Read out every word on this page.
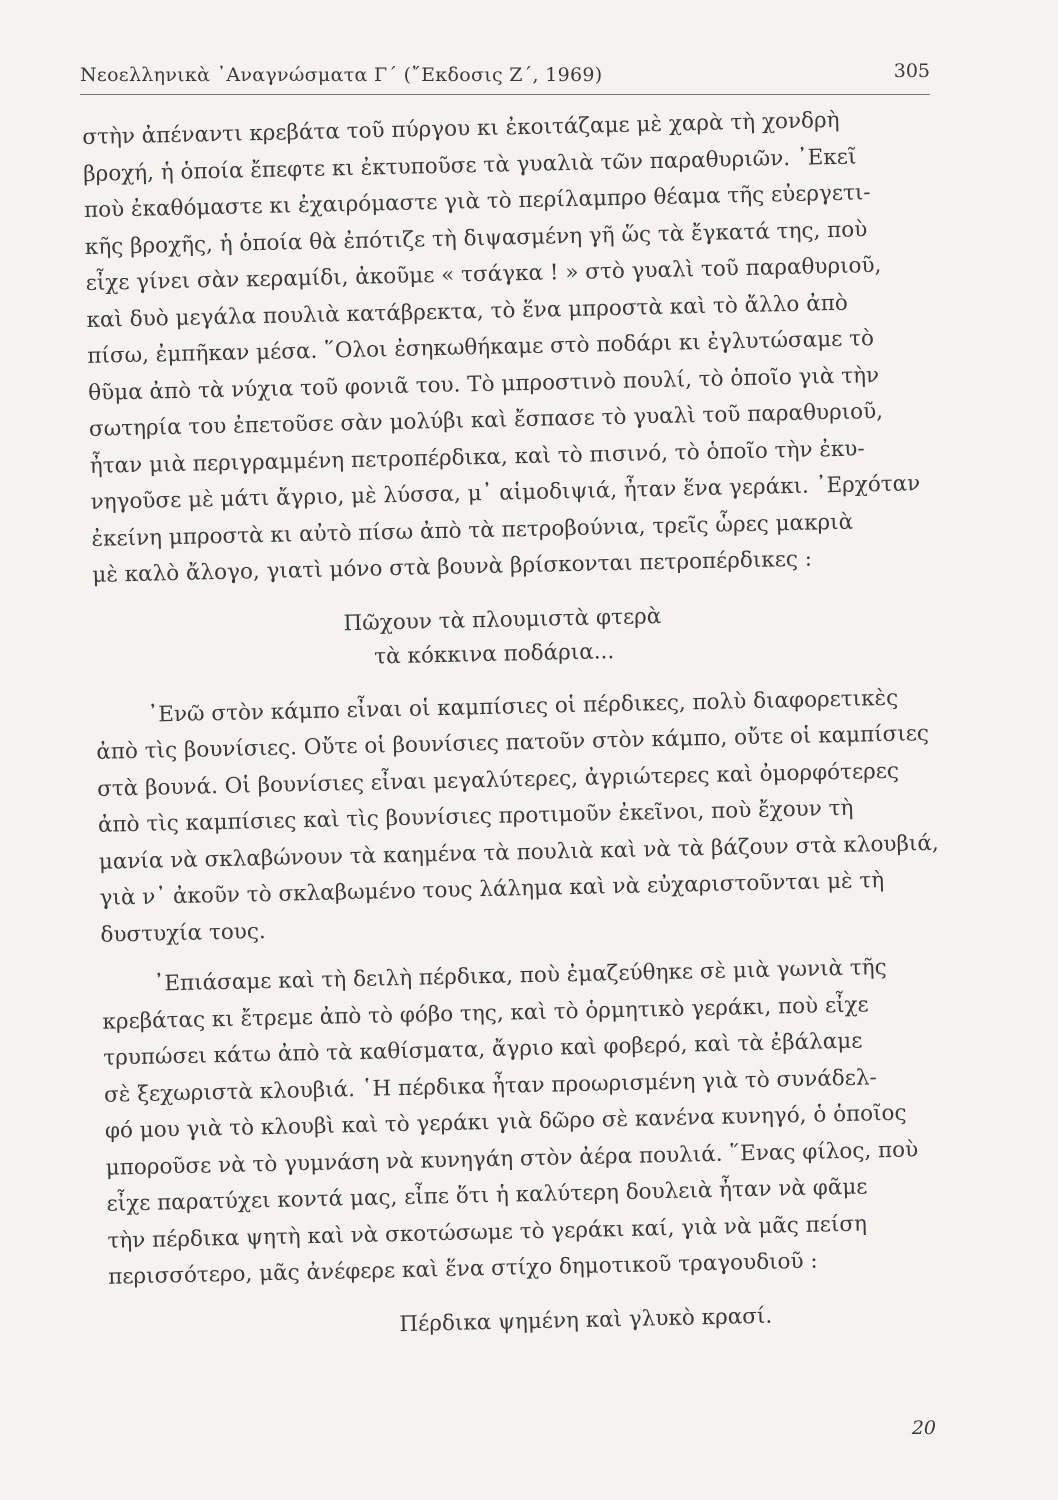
Νεοελληνικὰ ᾿Αναγνώσματα Γ΄ (῎Εκδοσις Ζ΄, 1969)	305

στὴν ἀπέναντι κρεβάτα τοῦ πύργου κι ἐκοιτάζαμε μὲ χαρὰ τὴ χονδρὴ
βροχή, ἡ ὁποία ἔπεφτε κι ἐκτυποῦσε τὰ γυαλιὰ τῶν παραθυριῶν. ᾿Εκεῖ
ποὺ ἐκαθόμαστε κι ἐχαιρόμαστε γιὰ τὸ περίλαμπρο θέαμα τῆς εὐεργετι-
κῆς βροχῆς, ἡ ὁποία θὰ ἐπότιζε τὴ διψασμένη γῆ ὥς τὰ ἔγκατά της, ποὺ
εἶχε γίνει σὰν κεραμίδι, ἀκοῦμε « τσάγκα ! » στὸ γυαλὶ τοῦ παραθυριοῦ,
καὶ δυὸ μεγάλα πουλιὰ κατάβρεκτα, τὸ ἕνα μπροστὰ καὶ τὸ ἄλλο ἀπὸ
πίσω, ἐμπῆκαν μέσα. ῞Ολοι ἐσηκωθήκαμε στὸ ποδάρι κι ἐγλυτώσαμε τὸ
θῦμα ἀπὸ τὰ νύχια τοῦ φονιᾶ του. Τὸ μπροστινὸ πουλί, τὸ ὁποῖο γιὰ τὴν
σωτηρία του ἐπετοῦσε σὰν μολύβι καὶ ἔσπασε τὸ γυαλὶ τοῦ παραθυριοῦ,
ἦταν μιὰ περιγραμμένη πετροπέρδικα, καὶ τὸ πισινό, τὸ ὁποῖο τὴν ἐκυ-
νηγοῦσε μὲ μάτι ἄγριο, μὲ λύσσα, μ᾿ αἱμοδιψιά, ἦταν ἕνα γεράκι. ᾿Ερχόταν
ἐκείνη μπροστὰ κι αὐτὸ πίσω ἀπὸ τὰ πετροβούνια, τρεῖς ὧρες μακριὰ
μὲ καλὸ ἄλογο, γιατὶ μόνο στὰ βουνὰ βρίσκονται πετροπέρδικες :

Πῶχουν τὰ πλουμιστὰ φτερὰ
τὰ κόκκινα ποδάρια...

᾿Ενῶ στὸν κάμπο εἶναι οἱ καμπίσιες οἱ πέρδικες, πολὺ διαφορετικὲς
ἀπὸ τὶς βουνίσιες. Οὔτε οἱ βουνίσιες πατοῦν στὸν κάμπο, οὔτε οἱ καμπίσιες
στὰ βουνά. Οἱ βουνίσιες εἶναι μεγαλύτερες, ἀγριώτερες καὶ ὀμορφότερες
ἀπὸ τὶς καμπίσιες καὶ τὶς βουνίσιες προτιμοῦν ἐκεῖνοι, ποὺ ἔχουν τὴ
μανία νὰ σκλαβώνουν τὰ καημένα τὰ πουλιὰ καὶ νὰ τὰ βάζουν στὰ κλουβιά,
γιὰ ν᾿ ἀκοῦν τὸ σκλαβωμένο τους λάλημα καὶ νὰ εὐχαριστοῦνται μὲ τὴ
δυστυχία τους.

᾿Επιάσαμε καὶ τὴ δειλὴ πέρδικα, ποὺ ἐμαζεύθηκε σὲ μιὰ γωνιὰ τῆς
κρεβάτας κι ἔτρεμε ἀπὸ τὸ φόβο της, καὶ τὸ ὁρμητικὸ γεράκι, ποὺ εἶχε
τρυπώσει κάτω ἀπὸ τὰ καθίσματα, ἄγριο καὶ φοβερό, καὶ τὰ ἐβάλαμε
σὲ ξεχωριστὰ κλουβιά. ῾Η πέρδικα ἦταν προωρισμένη γιὰ τὸ συνάδελ-
φό μου γιὰ τὸ κλουβὶ καὶ τὸ γεράκι γιὰ δῶρο σὲ κανένα κυνηγό, ὁ ὁποῖος
μποροῦσε νὰ τὸ γυμνάση νὰ κυνηγάη στὸν ἀέρα πουλιά. ῞Ενας φίλος, ποὺ
εἶχε παρατύχει κοντά μας, εἶπε ὅτι ἡ καλύτερη δουλειὰ ἦταν νὰ φᾶμε
τὴν πέρδικα ψητὴ καὶ νὰ σκοτώσωμε τὸ γεράκι καί, γιὰ νὰ μᾶς πείση
περισσότερο, μᾶς ἀνέφερε καὶ ἕνα στίχο δημοτικοῦ τραγουδιοῦ :

Πέρδικα ψημένη καὶ γλυκὸ κρασί.
20
